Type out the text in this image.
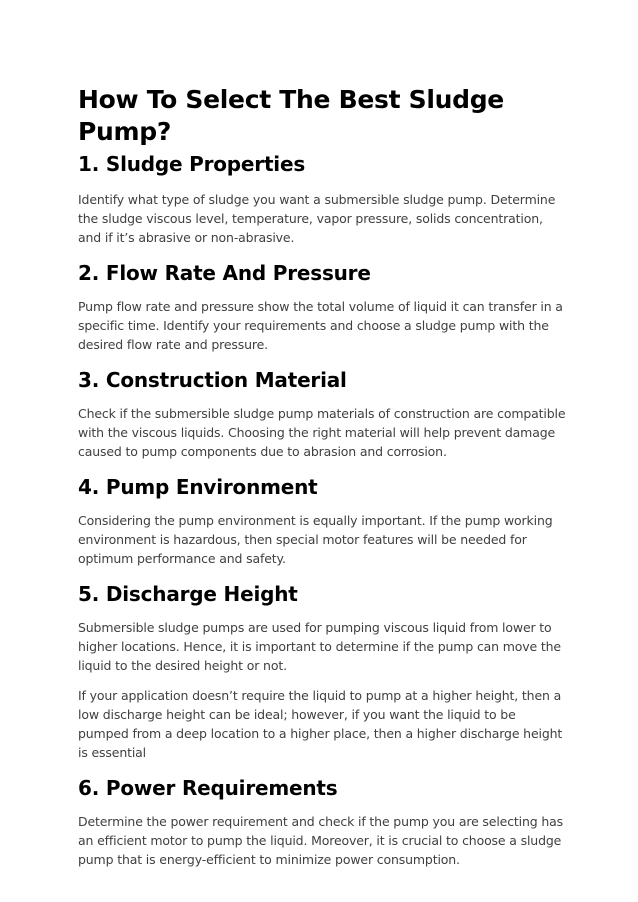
How To Select The Best Sludge Pump?
1. Sludge Properties

Identify what type of sludge you want a submersible sludge pump. Determine the sludge viscous level, temperature, vapor pressure, solids concentration, and if it’s abrasive or non-abrasive.

2. Flow Rate And Pressure

Pump flow rate and pressure show the total volume of liquid it can transfer in a specific time. Identify your requirements and choose a sludge pump with the desired flow rate and pressure.

3. Construction Material

Check if the submersible sludge pump materials of construction are compatible with the viscous liquids. Choosing the right material will help prevent damage caused to pump components due to abrasion and corrosion.

4. Pump Environment

Considering the pump environment is equally important. If the pump working environment is hazardous, then special motor features will be needed for optimum performance and safety.

5. Discharge Height

Submersible sludge pumps are used for pumping viscous liquid from lower to higher locations. Hence, it is important to determine if the pump can move the liquid to the desired height or not.

If your application doesn’t require the liquid to pump at a higher height, then a low discharge height can be ideal; however, if you want the liquid to be pumped from a deep location to a higher place, then a higher discharge height is essential

6. Power Requirements

Determine the power requirement and check if the pump you are selecting has an efficient motor to pump the liquid. Moreover, it is crucial to choose a sludge pump that is energy-efficient to minimize power consumption.
